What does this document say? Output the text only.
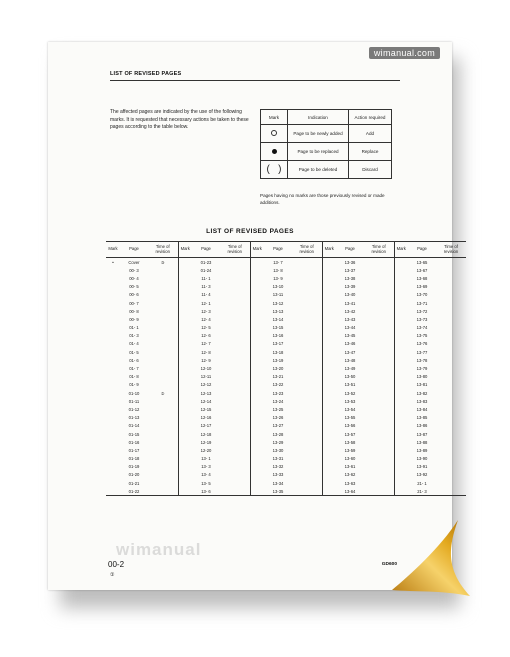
wimanual.com
LIST OF REVISED PAGES
The affected pages are indicated by the use of the following marks. It is requested that necessary actions be taken to these pages according to the table below.
Mark	Indication	Action required
	Page to be newly added	Add
	Page to be replaced	Replace
(   )	Page to be deleted	Discard
Pages having no marks are those previously revised or made additions.
LIST OF REVISED PAGES
Mark	Page	Time of revision	Mark	Page	Time of revision	Mark	Page	Time of revision	Mark	Page	Time of revision	Mark	Page	Time of revision
•	Cover	③		01-23			13- 7			13-36			13-65	
	00- 3			01-24			13- 8			13-37			13-67	
	00- 4			11- 1			13- 9			13-38			13-68	
	00- 5			11- 3			13-10			13-39			13-69	
	00- 6			11- 4			13-11			13-40			13-70	
	00- 7			12- 1			13-12			13-41			13-71	
	00- 8			12- 3			13-13			13-42			13-72	
	00- 9			12- 4			13-14			13-43			13-73	
	01- 1			12- 5			13-15			13-44			13-74	
	01- 3			12- 6			13-16			13-45			13-75	
	01- 4			12- 7			13-17			13-46			13-76	
	01- 5			12- 8			13-18			13-47			13-77	
	01- 6			12- 9			13-19			13-48			13-78	
	01- 7			12-10			13-20			13-49			13-79	
	01- 8			12-11			13-21			13-50			13-80	
	01- 9			12-12			13-22			13-51			13-81	
	01-10	②		12-13			13-23			13-52			13-82	
	01-11			12-14			13-24			13-53			13-83	
	01-12			12-15			13-25			13-54			13-84	
	01-13			12-16			13-26			13-55			13-85	
	01-14			12-17			13-27			13-56			13-86	
	01-15			12-18			13-28			13-57			13-87	
	01-16			12-19			13-29			13-58			13-88	
	01-17			12-20			13-30			13-59			13-89	
	01-18			13- 1			13-31			13-60			13-90	
	01-19			13- 3			13-32			13-61			13-91	
	01-20			13- 4			13-33			13-62			13-92	
	01-21			13- 5			13-34			13-63			21- 1	
	01-22			13- 6			13-35			13-64			21- 3	
wimanual
00-2
①
GD600
